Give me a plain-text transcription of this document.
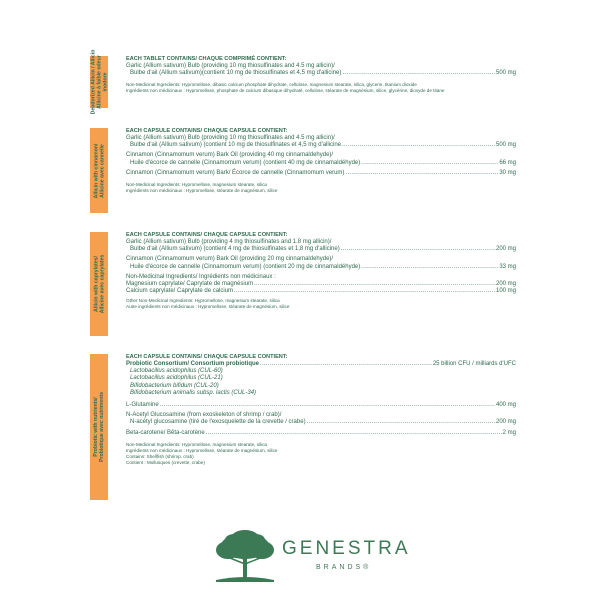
Deodorized Allicin / Allicin Allicine à faible odeur inodore
EACH TABLET CONTAINS/ CHAQUE COMPRIMÉ CONTIENT:
Garlic (Allium sativum) Bulb (providing 10 mg thiosulfinates and 4.5 mg allicin)/
Bulbe d'ail (Allium sativum)(contient 10 mg de thiosulfinates et 4,5 mg d'allicine) .....	500 mg
Non-Medicinal Ingredients: Hypromellose, dibasic calcium phosphate dihydrate, cellulose, magnesium stearate, silica, glycerin, titanium dioxide
Ingrédients non médicinaux : Hypromellose, phosphate de calcium dibasique dihydraté, cellulose, stéarate de magnésium, silice, glycérine, dioxyde de titane
Allicin with cinnamon/ Allicine avec cannelle
EACH CAPSULE CONTAINS/ CHAQUE CAPSULE CONTIENT:
Garlic (Allium sativum) Bulb (providing 10 mg thiosulfinates and 4.5 mg allicin)/
Bulbe d'ail (Allium sativum) (contient 10 mg de thiosulfinates et 4,5 mg d'allicine .....	500 mg
Cinnamon (Cinnamomum verum) Bark Oil (providing 40 mg cinnamaldehyde)/
Huile d'écorce de cannelle (Cinnamomum verum) (contient 40 mg de cinnamaldéhyde) .....	66 mg
Cinnamon (Cinnamomum verum) Bark/ Écorce de cannelle (Cinnamomum verum) .....	30 mg
Non-Medicinal Ingredients: Hypromellose, magnesium stearate, silica
Ingrédients non médicinaux : Hypromellose, stéarate de magnésium, silice
Allicin with caprylates/ Allicine avec caprylates
EACH CAPSULE CONTAINS/ CHAQUE CAPSULE CONTIENT:
Garlic (Allium sativum) Bulb (providing 4 mg thiosulfinates and 1.8 mg allicin)/
Bulbe d'ail (Allium sativum) (contient 4 mg de thiosulfinates et 1,8 mg d'allicine) .....	200 mg
Cinnamon (Cinnamomum verum) Bark Oil (providing 20 mg cinnamaldehyde)/
Huile d'écorce de cannelle (Cinnamomum verum) (contient 20 mg de cinnamaldéhyde) .....	33 mg
Non-Medicinal Ingredients/ Ingrédients non médicinaux :
Magnesium caprylate/ Caprylate de magnésium .....	200 mg
Calcium caprylate/ Caprylate de calcium .....	100 mg
Other Non-Medicinal Ingredients: Hypromellose, magnesium stearate, silica
Autre ingrédients non médicinaux : Hypromellose, stéarate de magnésium, silice
Probiotic with nutrients/ Probiotique avec nutriments
EACH CAPSULE CONTAINS/ CHAQUE CAPSULE CONTIENT:
Probiotic Consortium/ Consortium probiotique .....	25 billion CFU / milliards d'UFC
Lactobacillus acidophilus (CUL-60)
Lactobacillus acidophilus (CUL-21)
Bifidobacterium bifidum (CUL-20)
Bifidobacterium animalis subsp. lactis (CUL-34)
L-Glutamine .....	400 mg
N-Acetyl Glucosamine (from exoskeleton of shrimp / crab)/
N-acétyl glucosamine (tiré de l'exosquelette de la crevette / crabe) .....	200 mg
Beta-carotene/ Bêta-carotène .....	2 mg
Non-Medicinal Ingredients: Hypromellose, magnesium stearate, silica
Ingrédients non médicinaux : Hypromellose, stéarate de magnésium, silice
Contains: Shellfish (shrimp, crab)
Contient : Mollusques (crevette, crabe)
GENESTRA
BRANDS®
